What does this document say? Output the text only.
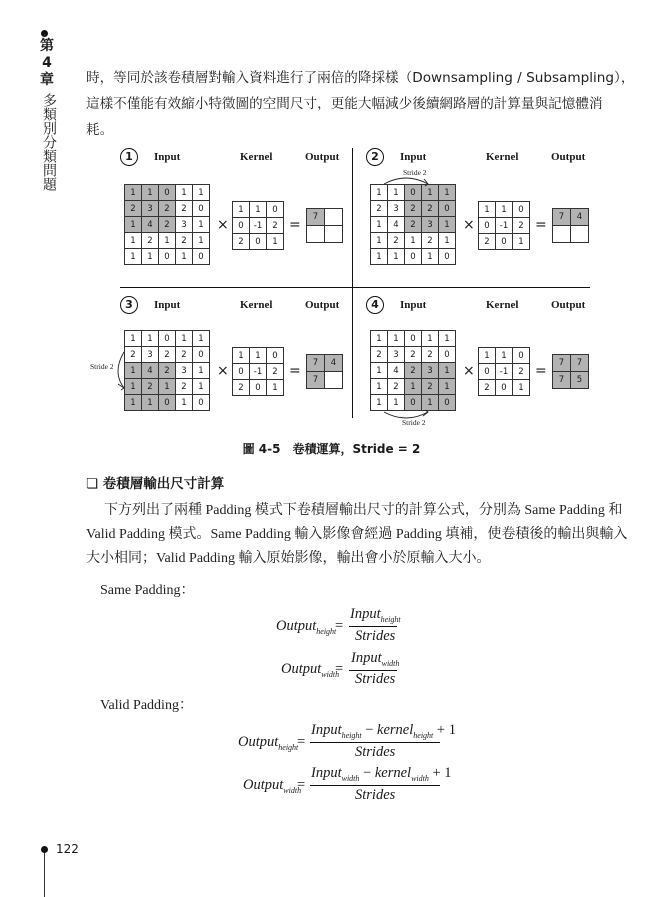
第
4
章
多類別分類問題
122
時，等同於該卷積層對輸入資料進行了兩倍的降採樣（Downsampling / Subsampling），
這樣不僅能有效縮小特徵圖的空間尺寸，更能大幅減少後續網路層的計算量與記憶體消
耗。
1	Input	Kernel	Output
1	1	0	1	1
2	3	2	2	0
1	4	2	3	1
1	2	1	2	1
1	1	0	1	0
×
1	1	0
0	-1	2
2	0	1
= 7	

2	Input	Kernel	Output
1	1	0	1	1
2	3	2	2	0
1	4	2	3	1
1	2	1	2	1
1	1	0	1	0
×
1	1	0
0	-1	2
2	0	1
= 7	4

3	Input	Kernel	Output
1	1	0	1	1
2	3	2	2	0
1	4	2	3	1
1	2	1	2	1
1	1	0	1	0
×
1	1	0
0	-1	2
2	0	1
= 7	4
7	
4	Input	Kernel	Output
1	1	0	1	1
2	3	2	2	0
1	4	2	3	1
1	2	1	2	1
1	1	0	1	0
×
1	1	0
0	-1	2
2	0	1
= 7	7
7	5
Stride 2
Stride 2
Stride 2
圖 4-5　卷積運算，Stride = 2
❏ 卷積層輸出尺寸計算
下方列出了兩種 Padding 模式下卷積層輸出尺寸的計算公式，分別為 Same Padding 和
Valid Padding 模式。Same Padding 輸入影像會經過 Padding 填補，使卷積後的輸出與輸入
大小相同；Valid Padding 輸入原始影像，輸出會小於原輸入大小。
Same Padding：
Valid Padding：
Output$_{height}$
=
Input$_{height}$
Strides
Output$_{width}$
=
Input$_{width}$
Strides
Output$_{height}$
=
Input$_{height}$ − kernel$_{height}$ + 1
Strides
Output$_{width}$
=
Input$_{width}$ − kernel$_{width}$ + 1
Strides
